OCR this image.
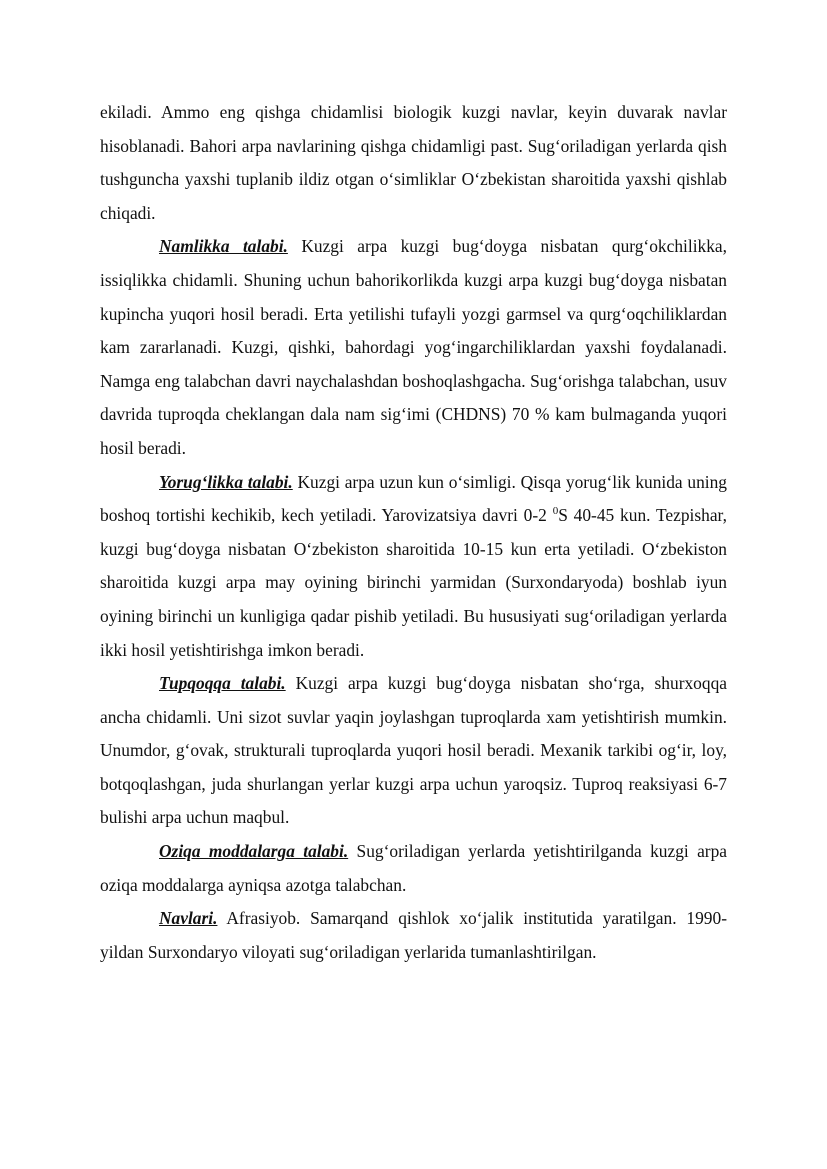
ekiladi. Ammo eng qishga chidamlisi biologik kuzgi navlar, keyin duvarak navlar hisoblanadi. Bahori arpa navlarining qishga chidamligi past. Sug‘oriladigan yerlarda qish tushguncha yaxshi tuplanib ildiz otgan o‘simliklar O‘zbekistan sharoitida yaxshi qishlab chiqadi.

Namlikka talabi. Kuzgi arpa kuzgi bug‘doyga nisbatan qurg‘okchilikka, issiqlikka chidamli. Shuning uchun bahorikorlikda kuzgi arpa kuzgi bug‘doyga nisbatan kupincha yuqori hosil beradi. Erta yetilishi tufayli yozgi garmsel va qurg‘oqchiliklardan kam zararlanadi. Kuzgi, qishki, bahordagi yog‘ingarchiliklardan yaxshi foydalanadi. Namga eng talabchan davri naychalashdan boshoqlashgacha. Sug‘orishga talabchan, usuv davrida tuproqda cheklangan dala nam sig‘imi (CHDNS) 70 % kam bulmaganda yuqori hosil beradi.

Yorug‘likka talabi. Kuzgi arpa uzun kun o‘simligi. Qisqa yorug‘lik kunida uning boshoq tortishi kechikib, kech yetiladi. Yarovizatsiya davri 0-2 $^0$S 40-45 kun. Tezpishar, kuzgi bug‘doyga nisbatan O‘zbekiston sharoitida 10-15 kun erta yetiladi. O‘zbekiston sharoitida kuzgi arpa may oyining birinchi yarmidan (Surxondaryoda) boshlab iyun oyining birinchi un kunligiga qadar pishib yetiladi. Bu hususiyati sug‘oriladigan yerlarda ikki hosil yetishtirishga imkon beradi.

Tupqoqqa talabi. Kuzgi arpa kuzgi bug‘doyga nisbatan sho‘rga, shurxoqqa ancha chidamli. Uni sizot suvlar yaqin joylashgan tuproqlarda xam yetishtirish mumkin. Unumdor, g‘ovak, strukturali tuproqlarda yuqori hosil beradi. Mexanik tarkibi og‘ir, loy, botqoqlashgan, juda shurlangan yerlar kuzgi arpa uchun yaroqsiz. Tuproq reaksiyasi 6-7 bulishi arpa uchun maqbul.

Oziqa moddalarga talabi. Sug‘oriladigan yerlarda yetishtirilganda kuzgi arpa oziqa moddalarga ayniqsa azotga talabchan.

Navlari. Afrasiyob. Samarqand qishlok xo‘jalik institutida yaratilgan. 1990-yildan Surxondaryo viloyati sug‘oriladigan yerlarida tumanlashtirilgan.
